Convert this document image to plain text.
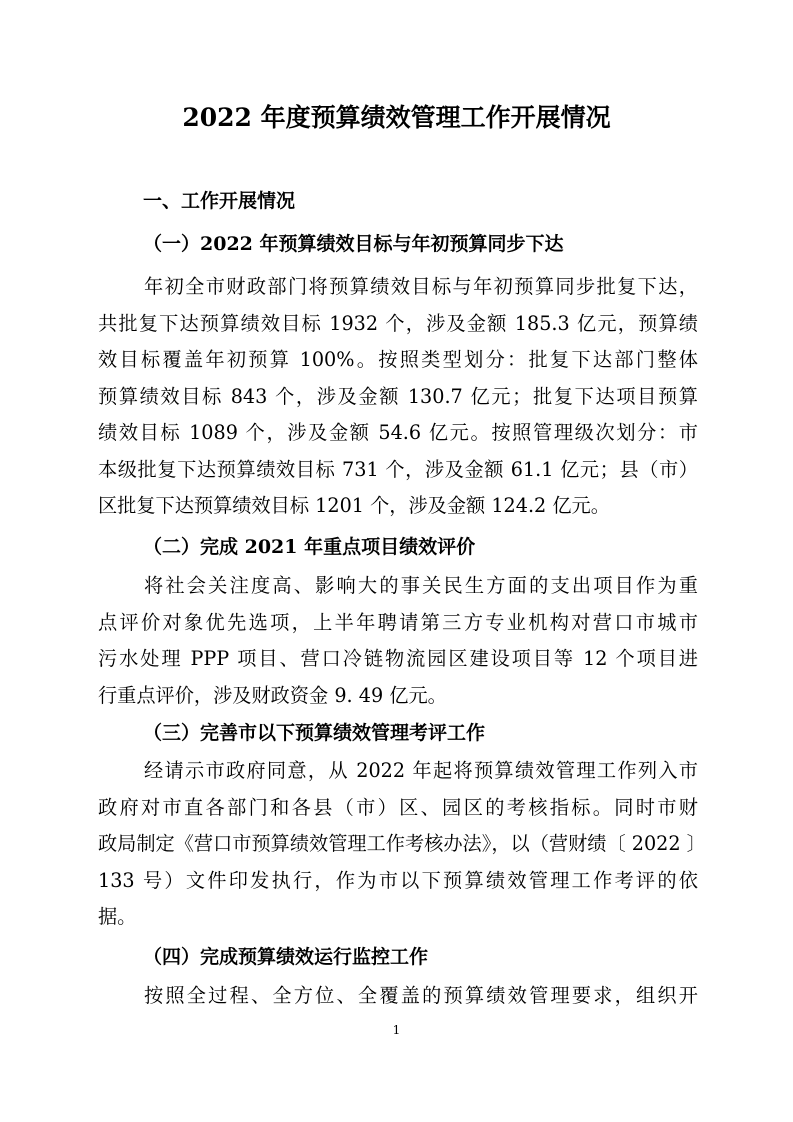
2022 年度预算绩效管理工作开展情况
一、工作开展情况
（一）2022 年预算绩效目标与年初预算同步下达
年初全市财政部门将预算绩效目标与年初预算同步批复下达，
共批复下达预算绩效目标 1932 个，涉及金额 185.3 亿元，预算绩
效目标覆盖年初预算 100%。按照类型划分：批复下达部门整体
预算绩效目标 843 个，涉及金额 130.7 亿元；批复下达项目预算
绩效目标 1089 个，涉及金额 54.6 亿元。按照管理级次划分：市
本级批复下达预算绩效目标 731 个，涉及金额 61.1 亿元；县（市）
区批复下达预算绩效目标 1201 个，涉及金额 124.2 亿元。
（二）完成 2021 年重点项目绩效评价
将社会关注度高、影响大的事关民生方面的支出项目作为重
点评价对象优先选项，上半年聘请第三方专业机构对营口市城市
污水处理 PPP 项目、营口冷链物流园区建设项目等 12 个项目进
行重点评价，涉及财政资金 9. 49 亿元。
（三）完善市以下预算绩效管理考评工作
经请示市政府同意，从 2022 年起将预算绩效管理工作列入市
政府对市直各部门和各县（市）区、园区的考核指标。同时市财
政局制定《营口市预算绩效管理工作考核办法》，以（营财绩〔 2022 〕
133 号）文件印发执行，作为市以下预算绩效管理工作考评的依
据。
（四）完成预算绩效运行监控工作
按照全过程、全方位、全覆盖的预算绩效管理要求，组织开
1
